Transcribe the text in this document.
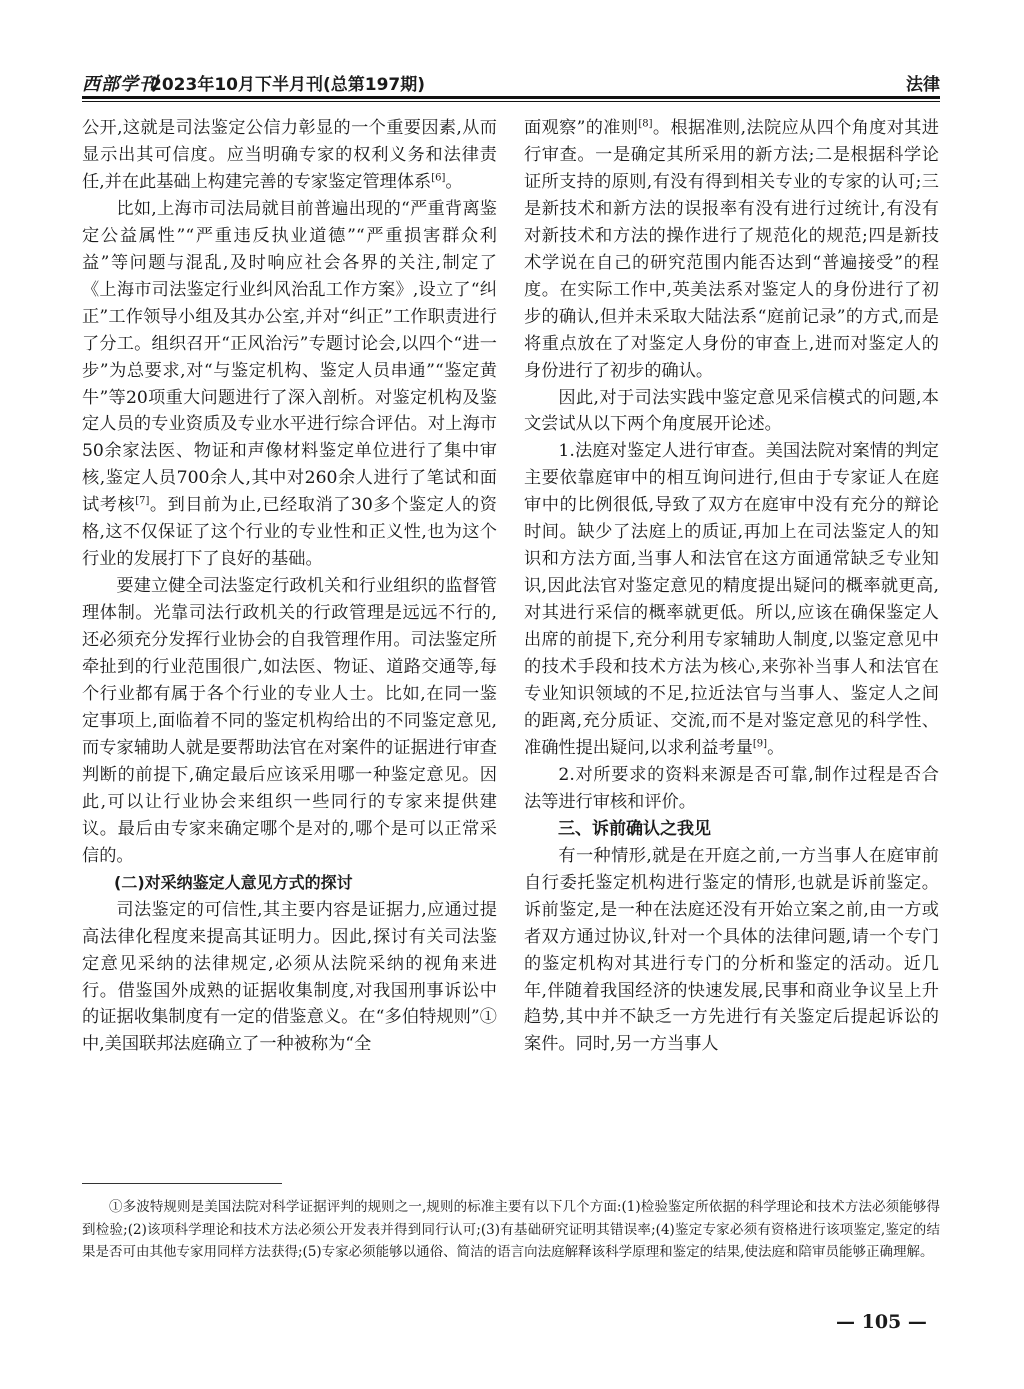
西部学刊
2023年10月下半月刊(总第197期)	法律

公开,这就是司法鉴定公信力彰显的一个重要因素,从而显示出其可信度。应当明确专家的权利义务和法律责任,并在此基础上构建完善的专家鉴定管理体系[6]。

比如,上海市司法局就目前普遍出现的“严重背离鉴定公益属性”“严重违反执业道德”“严重损害群众利益”等问题与混乱,及时响应社会各界的关注,制定了《上海市司法鉴定行业纠风治乱工作方案》,设立了“纠正”工作领导小组及其办公室,并对“纠正”工作职责进行了分工。组织召开“正风治污”专题讨论会,以四个“进一步”为总要求,对“与鉴定机构、鉴定人员串通”“鉴定黄牛”等20项重大问题进行了深入剖析。对鉴定机构及鉴定人员的专业资质及专业水平进行综合评估。对上海市50余家法医、物证和声像材料鉴定单位进行了集中审核,鉴定人员700余人,其中对260余人进行了笔试和面试考核[7]。到目前为止,已经取消了30多个鉴定人的资格,这不仅保证了这个行业的专业性和正义性,也为这个行业的发展打下了良好的基础。

要建立健全司法鉴定行政机关和行业组织的监督管理体制。光靠司法行政机关的行政管理是远远不行的,还必须充分发挥行业协会的自我管理作用。司法鉴定所牵扯到的行业范围很广,如法医、物证、道路交通等,每个行业都有属于各个行业的专业人士。比如,在同一鉴定事项上,面临着不同的鉴定机构给出的不同鉴定意见,而专家辅助人就是要帮助法官在对案件的证据进行审查判断的前提下,确定最后应该采用哪一种鉴定意见。因此,可以让行业协会来组织一些同行的专家来提供建议。最后由专家来确定哪个是对的,哪个是可以正常采信的。

(二)对采纳鉴定人意见方式的探讨

司法鉴定的可信性,其主要内容是证据力,应通过提高法律化程度来提高其证明力。因此,探讨有关司法鉴定意见采纳的法律规定,必须从法院采纳的视角来进行。借鉴国外成熟的证据收集制度,对我国刑事诉讼中的证据收集制度有一定的借鉴意义。在“多伯特规则”①中,美国联邦法庭确立了一种被称为“全

面观察”的准则[8]。根据准则,法院应从四个角度对其进行审查。一是确定其所采用的新方法;二是根据科学论证所支持的原则,有没有得到相关专业的专家的认可;三是新技术和新方法的误报率有没有进行过统计,有没有对新技术和方法的操作进行了规范化的规范;四是新技术学说在自己的研究范围内能否达到“普遍接受”的程度。在实际工作中,英美法系对鉴定人的身份进行了初步的确认,但并未采取大陆法系“庭前记录”的方式,而是将重点放在了对鉴定人身份的审查上,进而对鉴定人的身份进行了初步的确认。

因此,对于司法实践中鉴定意见采信模式的问题,本文尝试从以下两个角度展开论述。

1.法庭对鉴定人进行审查。美国法院对案情的判定主要依靠庭审中的相互询问进行,但由于专家证人在庭审中的比例很低,导致了双方在庭审中没有充分的辩论时间。缺少了法庭上的质证,再加上在司法鉴定人的知识和方法方面,当事人和法官在这方面通常缺乏专业知识,因此法官对鉴定意见的精度提出疑问的概率就更高,对其进行采信的概率就更低。所以,应该在确保鉴定人出席的前提下,充分利用专家辅助人制度,以鉴定意见中的技术手段和技术方法为核心,来弥补当事人和法官在专业知识领域的不足,拉近法官与当事人、鉴定人之间的距离,充分质证、交流,而不是对鉴定意见的科学性、准确性提出疑问,以求利益考量[9]。

2.对所要求的资料来源是否可靠,制作过程是否合法等进行审核和评价。

三、诉前确认之我见

有一种情形,就是在开庭之前,一方当事人在庭审前自行委托鉴定机构进行鉴定的情形,也就是诉前鉴定。诉前鉴定,是一种在法庭还没有开始立案之前,由一方或者双方通过协议,针对一个具体的法律问题,请一个专门的鉴定机构对其进行专门的分析和鉴定的活动。近几年,伴随着我国经济的快速发展,民事和商业争议呈上升趋势,其中并不缺乏一方先进行有关鉴定后提起诉讼的案件。同时,另一方当事人

①多波特规则是美国法院对科学证据评判的规则之一,规则的标准主要有以下几个方面:(1)检验鉴定所依据的科学理论和技术方法必须能够得到检验;(2)该项科学理论和技术方法必须公开发表并得到同行认可;(3)有基础研究证明其错误率;(4)鉴定专家必须有资格进行该项鉴定,鉴定的结果是否可由其他专家用同样方法获得;(5)专家必须能够以通俗、简洁的语言向法庭解释该科学原理和鉴定的结果,使法庭和陪审员能够正确理解。
— 105 —
